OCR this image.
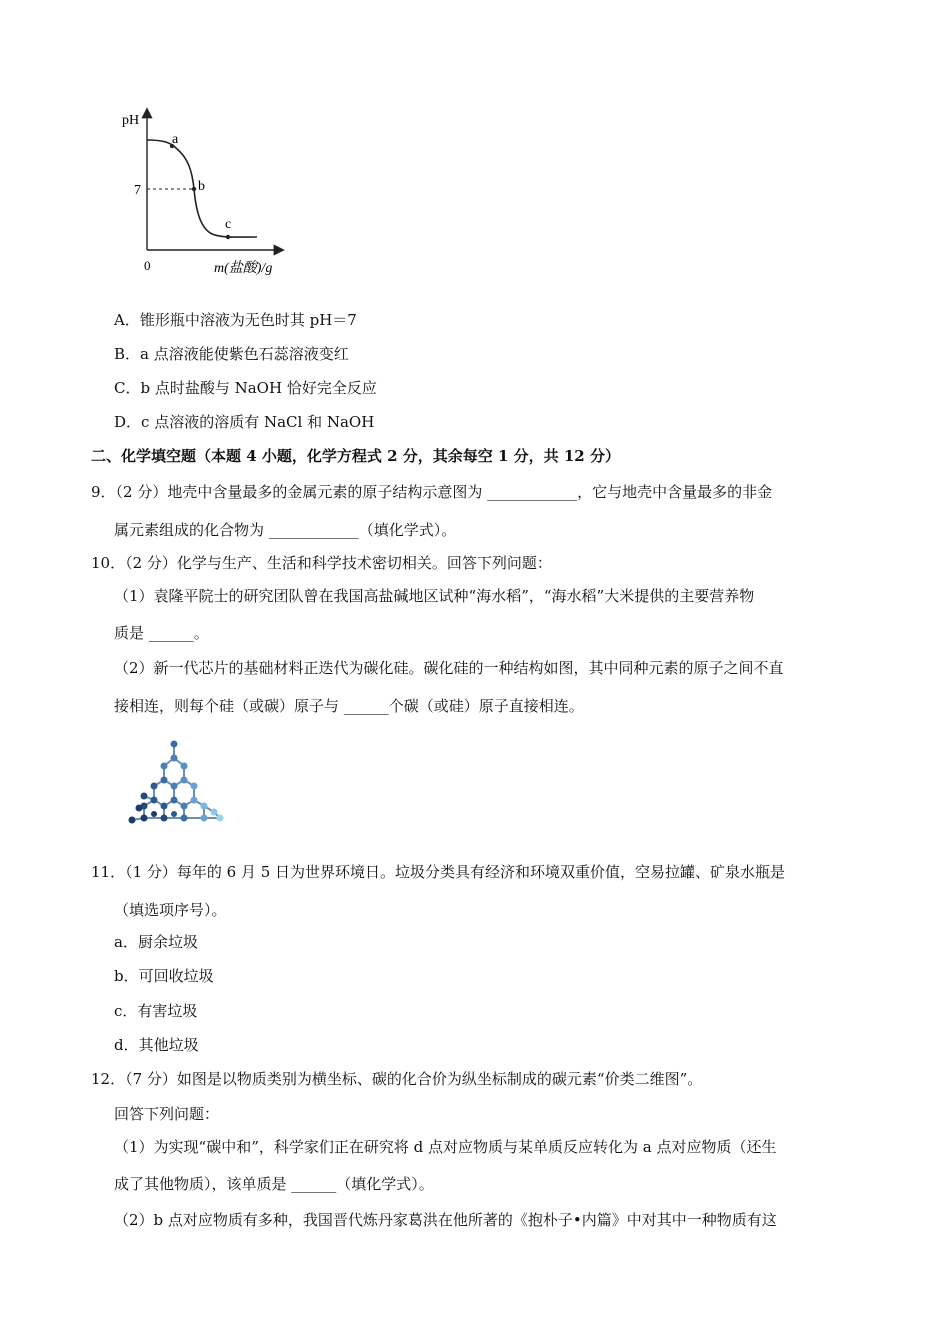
pH
0
7
m(盐酸)/g
a
b
c
A．锥形瓶中溶液为无色时其 pH＝7
B．a 点溶液能使紫色石蕊溶液变红
C．b 点时盐酸与 NaOH 恰好完全反应
D．c 点溶液的溶质有 NaCl 和 NaOH
二、化学填空题（本题 4 小题，化学方程式 2 分，其余每空 1 分，共 12 分）
9．（2 分）地壳中含量最多的金属元素的原子结构示意图为 ____________，它与地壳中含量最多的非金
属元素组成的化合物为 ____________（填化学式）。
10．（2 分）化学与生产、生活和科学技术密切相关。回答下列问题：
（1）袁隆平院士的研究团队曾在我国高盐碱地区试种“海水稻”，“海水稻”大米提供的主要营养物
质是 ______。
（2）新一代芯片的基础材料正迭代为碳化硅。碳化硅的一种结构如图，其中同种元素的原子之间不直
接相连，则每个硅（或碳）原子与 ______个碳（或硅）原子直接相连。
11．（1 分）每年的 6 月 5 日为世界环境日。垃圾分类具有经济和环境双重价值，空易拉罐、矿泉水瓶是
（填选项序号）。
a．厨余垃圾
b．可回收垃圾
c．有害垃圾
d．其他垃圾
12．（7 分）如图是以物质类别为横坐标、碳的化合价为纵坐标制成的碳元素“价类二维图”。
回答下列问题：
（1）为实现“碳中和”，科学家们正在研究将 d 点对应物质与某单质反应转化为 a 点对应物质（还生
成了其他物质），该单质是 ______（填化学式）。
（2）b 点对应物质有多种，我国晋代炼丹家葛洪在他所著的《抱朴子•内篇》中对其中一种物质有这
